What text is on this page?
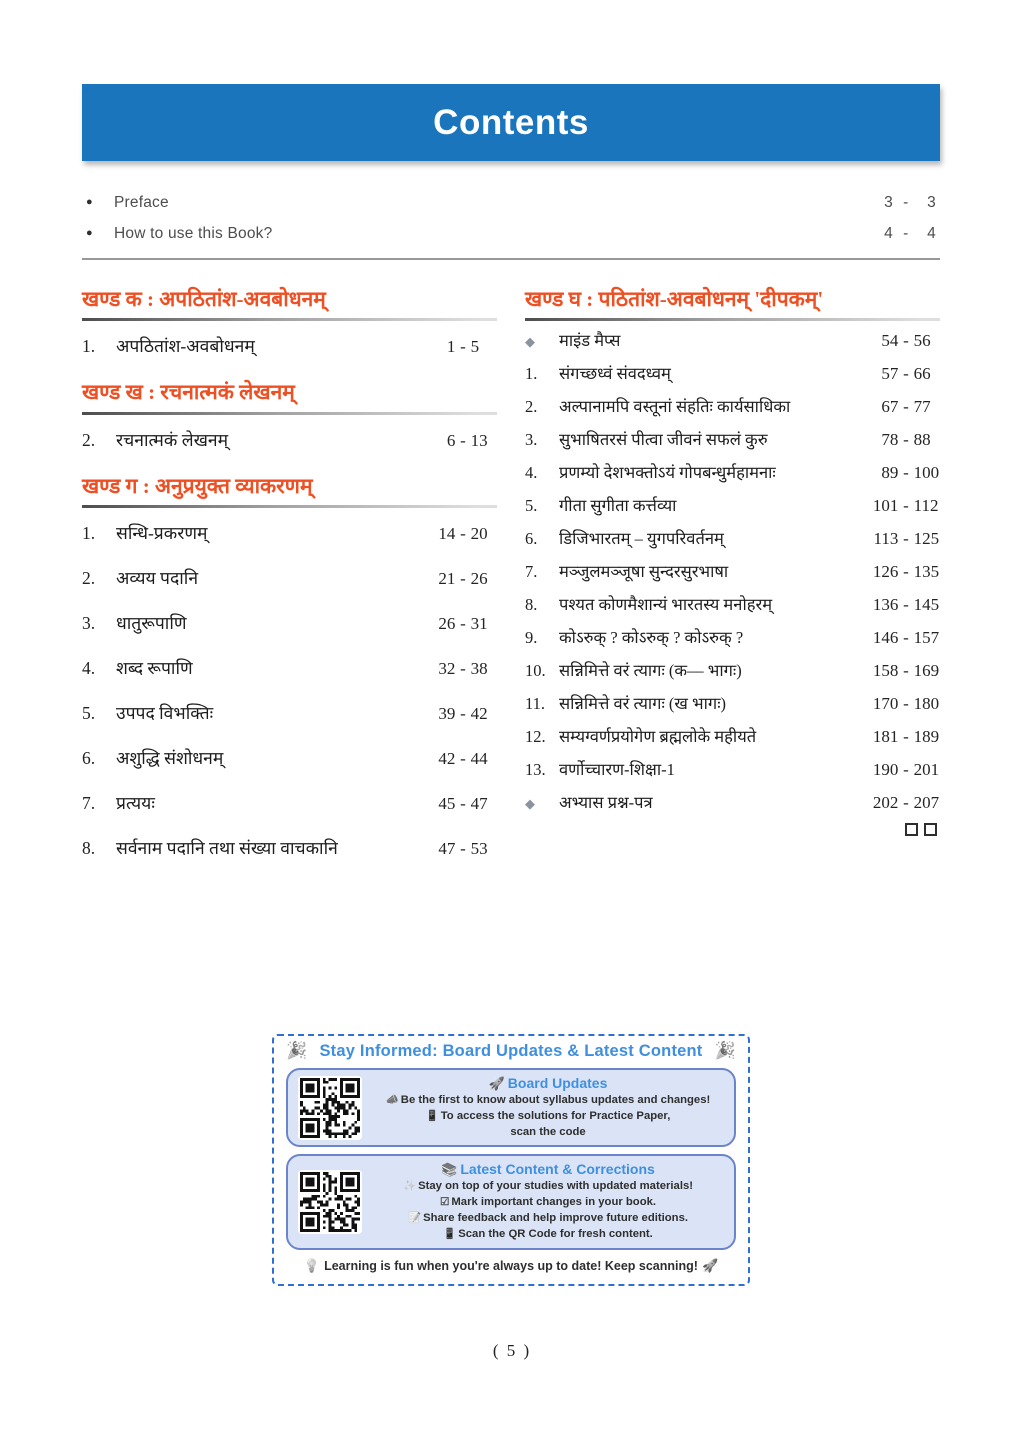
Contents
●	Preface	3 -	3
●	How to use this Book?	4 -	4
खण्ड क : अपठितांश-अवबोधनम्
1.	अपठितांश-अवबोधनम्	1 - 5
खण्ड ख : रचनात्मकं लेखनम्
2.	रचनात्मकं लेखनम्	6 - 13
खण्ड ग : अनुप्रयुक्त व्याकरणम्
1.	सन्धि-प्रकरणम्	14 - 20
2.	अव्यय पदानि	21 - 26
3.	धातुरूपाणि	26 - 31
4.	शब्द रूपाणि	32 - 38
5.	उपपद विभक्तिः	39 - 42
6.	अशुद्धि संशोधनम्	42 - 44
7.	प्रत्ययः	45 - 47
8.	सर्वनाम पदानि तथा संख्या वाचकानि	47 - 53
खण्ड घ : पठितांश-अवबोधनम् 'दीपकम्'
◆	माइंड मैप्स	54 - 56
1.	संगच्छध्वं संवदध्वम्	57 - 66
2.	अल्पानामपि वस्तूनां संहतिः कार्यसाधिका	67 - 77
3.	सुभाषितरसं पीत्वा जीवनं सफलं कुरु	78 - 88
4.	प्रणम्यो देशभक्तोऽयं गोपबन्धुर्महामनाः	89 - 100
5.	गीता सुगीता कर्त्तव्या	101 - 112
6.	डिजिभारतम् – युगपरिवर्तनम्	113 - 125
7.	मञ्जुलमञ्जूषा सुन्दरसुरभाषा	126 - 135
8.	पश्यत कोणमैशान्यं भारतस्य मनोहरम्	136 - 145
9.	कोऽरुक् ? कोऽरुक् ? कोऽरुक् ?	146 - 157
10. सन्निमित्ते वरं त्यागः (क— भागः)	158 - 169
11. सन्निमित्ते वरं त्यागः (ख भागः)	170 - 180
12. सम्यग्वर्णप्रयोगेण ब्रह्मलोके महीयते	181 - 189
13. वर्णोच्चारण-शिक्षा-1	190 - 201
◆	अभ्यास प्रश्न-पत्र	202 - 207
🎉 Stay Informed: Board Updates & Latest Content 🎉
🚀 Board Updates
📣 Be the first to know about syllabus updates and changes!
📱 To access the solutions for Practice Paper,
scan the code
📚 Latest Content & Corrections
✨ Stay on top of your studies with updated materials!
☑ Mark important changes in your book.
📝 Share feedback and help improve future editions.
📱 Scan the QR Code for fresh content.
💡 Learning is fun when you're always up to date! Keep scanning! 🚀
( 5 )
